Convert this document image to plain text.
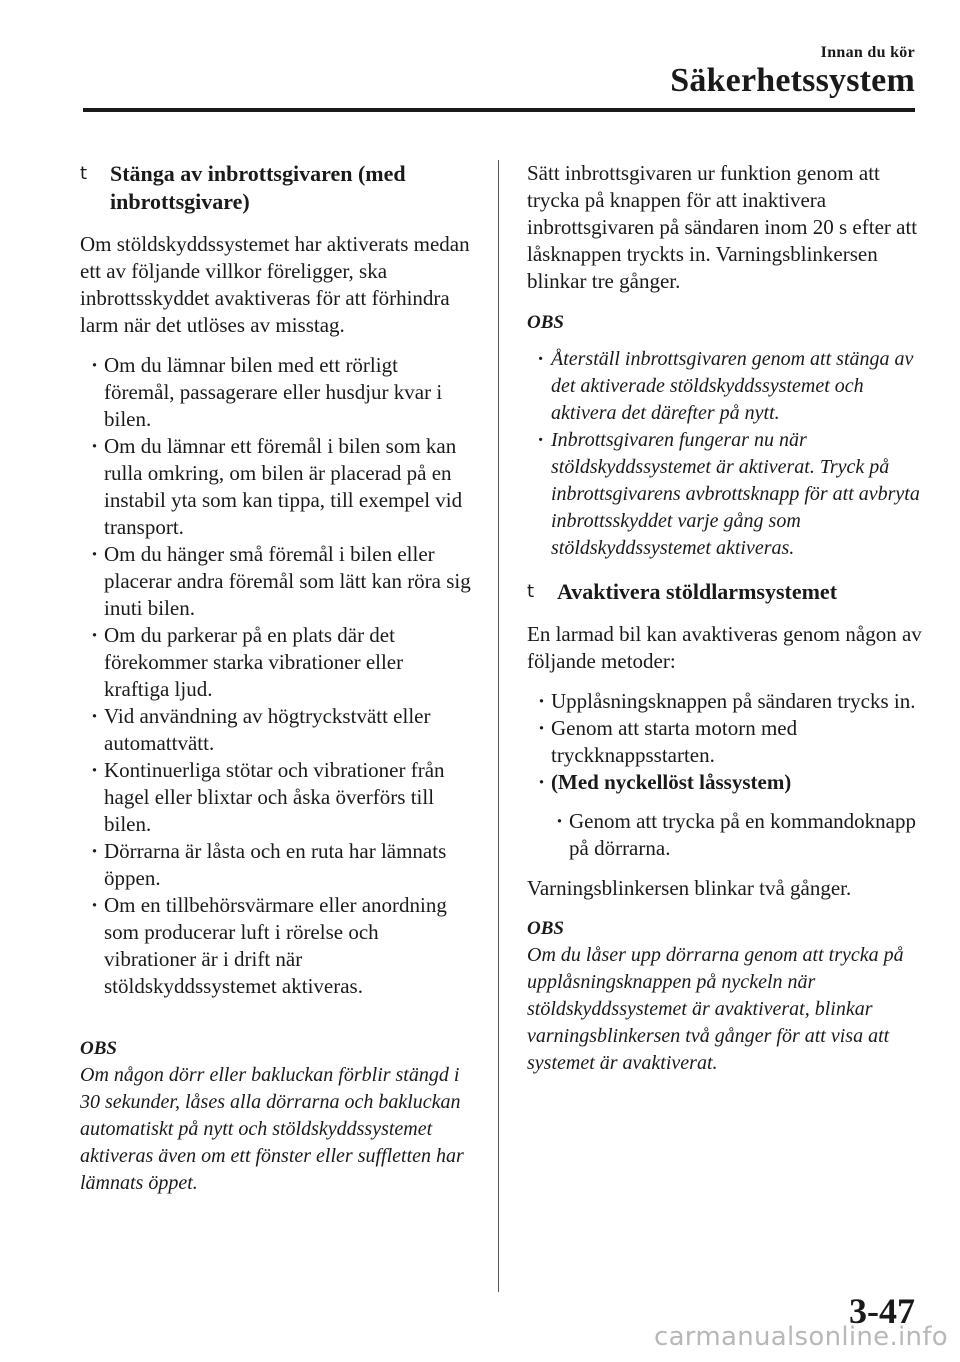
Innan du kör
Säkerhetssystem
t Stänga av inbrottsgivaren (med inbrottsgivare)

Om stöldskyddssystemet har aktiverats medan ett av följande villkor föreligger, ska inbrottsskyddet avaktiveras för att förhindra larm när det utlöses av misstag.

· Om du lämnar bilen med ett rörligt föremål, passagerare eller husdjur kvar i bilen.
· Om du lämnar ett föremål i bilen som kan rulla omkring, om bilen är placerad på en instabil yta som kan tippa, till exempel vid transport.
· Om du hänger små föremål i bilen eller placerar andra föremål som lätt kan röra sig inuti bilen.
· Om du parkerar på en plats där det förekommer starka vibrationer eller kraftiga ljud.
· Vid användning av högtryckstvätt eller automattvätt.
· Kontinuerliga stötar och vibrationer från hagel eller blixtar och åska överförs till bilen.
· Dörrarna är låsta och en ruta har lämnats öppen.
· Om en tillbehörsvärmare eller anordning som producerar luft i rörelse och vibrationer är i drift när stöldskyddssystemet aktiveras.
OBS
Om någon dörr eller bakluckan förblir stängd i 30 sekunder, låses alla dörrarna och bakluckan automatiskt på nytt och stöldskyddssystemet aktiveras även om ett fönster eller suffletten har lämnats öppet.

Sätt inbrottsgivaren ur funktion genom att trycka på knappen för att inaktivera inbrottsgivaren på sändaren inom 20 s efter att låsknappen tryckts in. Varningsblinkersen blinkar tre gånger.

OBS
· Återställ inbrottsgivaren genom att stänga av det aktiverade stöldskyddssystemet och aktivera det därefter på nytt.
· Inbrottsgivaren fungerar nu när stöldskyddssystemet är aktiverat. Tryck på inbrottsgivarens avbrottsknapp för att avbryta inbrottsskyddet varje gång som stöldskyddssystemet aktiveras.
t Avaktivera stöldlarmsystemet

En larmad bil kan avaktiveras genom någon av följande metoder:

· Upplåsningsknappen på sändaren trycks in.
· Genom att starta motorn med tryckknappsstarten.
· (Med nyckellöst låssystem)
· Genom att trycka på en kommandoknapp på dörrarna.

Varningsblinkersen blinkar två gånger.

OBS
Om du låser upp dörrarna genom att trycka på upplåsningsknappen på nyckeln när stöldskyddssystemet är avaktiverat, blinkar varningsblinkersen två gånger för att visa att systemet är avaktiverat.
3-47
carmanualsonline.info
